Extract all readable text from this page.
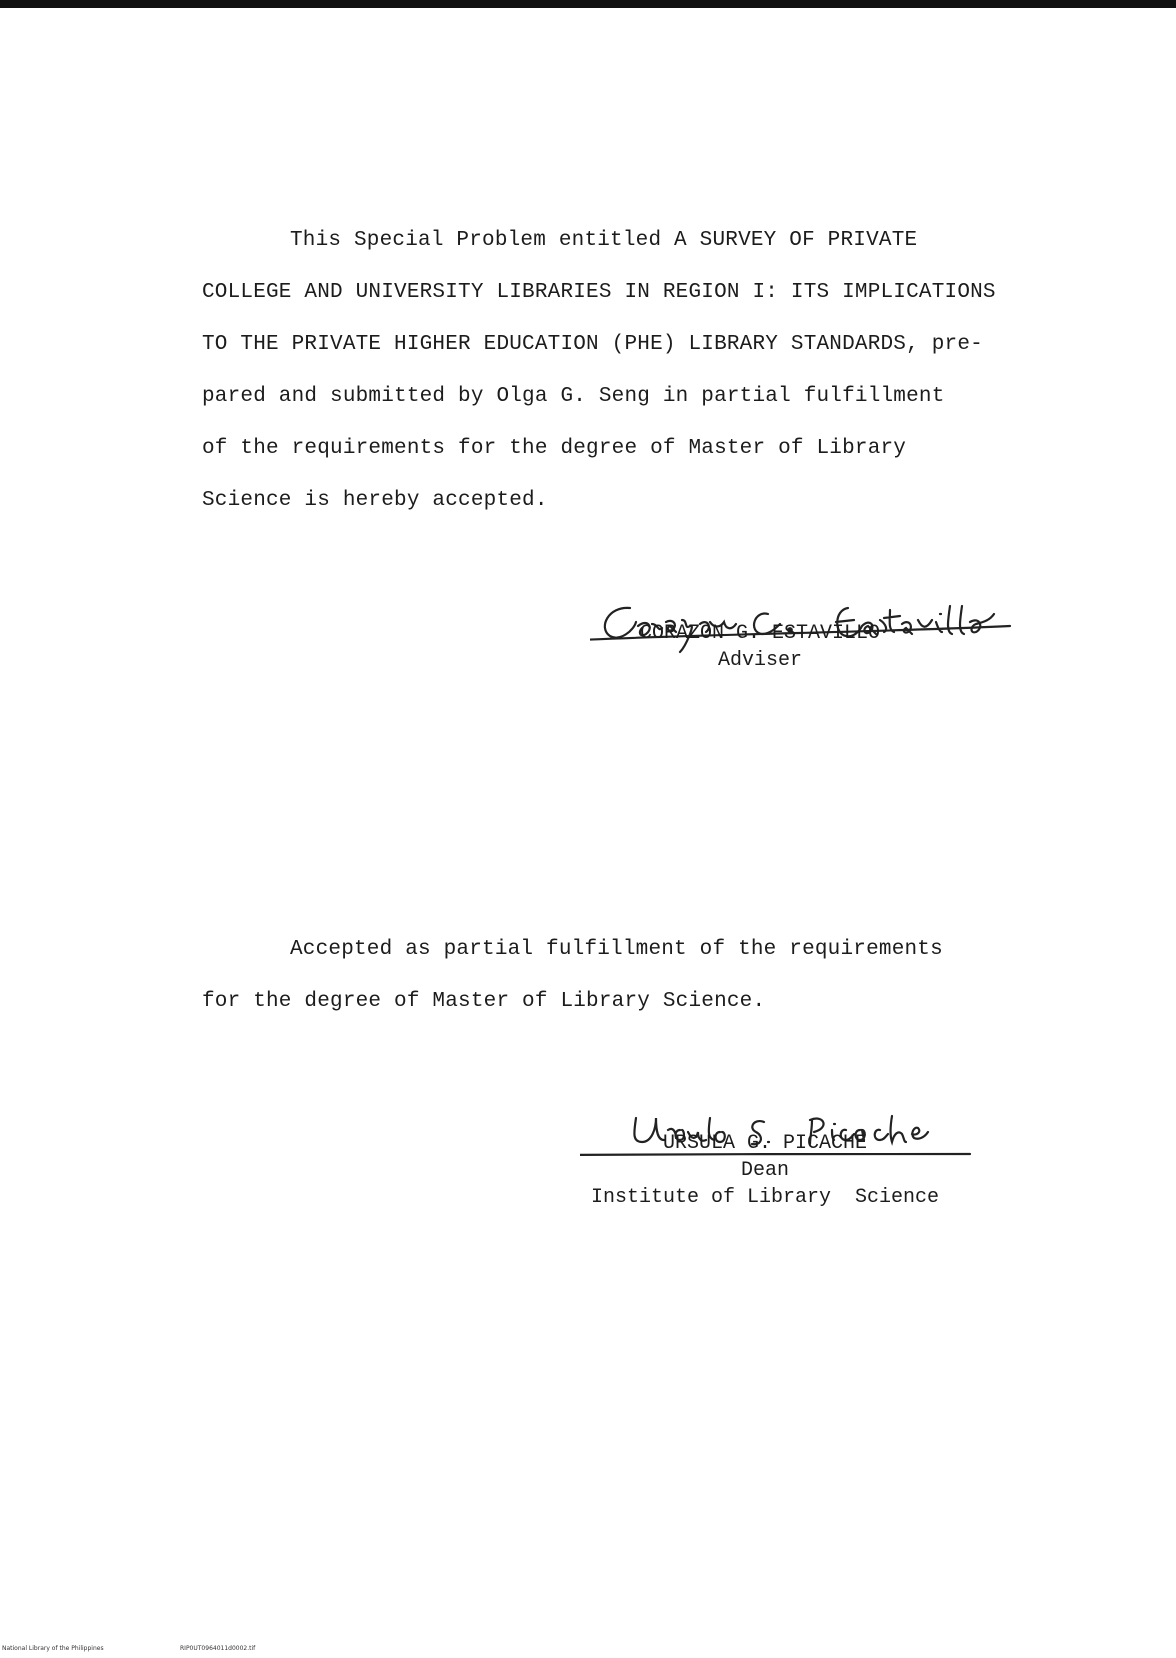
This Special Problem entitled A SURVEY OF PRIVATE
COLLEGE AND UNIVERSITY LIBRARIES IN REGION I: ITS IMPLICATIONS
TO THE PRIVATE HIGHER EDUCATION (PHE) LIBRARY STANDARDS, pre-
pared and submitted by Olga G. Seng in partial fulfillment
of the requirements for the degree of Master of Library
Science is hereby accepted.
CORAZON G. ESTAVILLO
Adviser
Accepted as partial fulfillment of the requirements
for the degree of Master of Library Science.
URSULA G. PICACHE
Dean
Institute of Library  Science
National Library of the Philippines	RIP0UT0964011d0002.tif
